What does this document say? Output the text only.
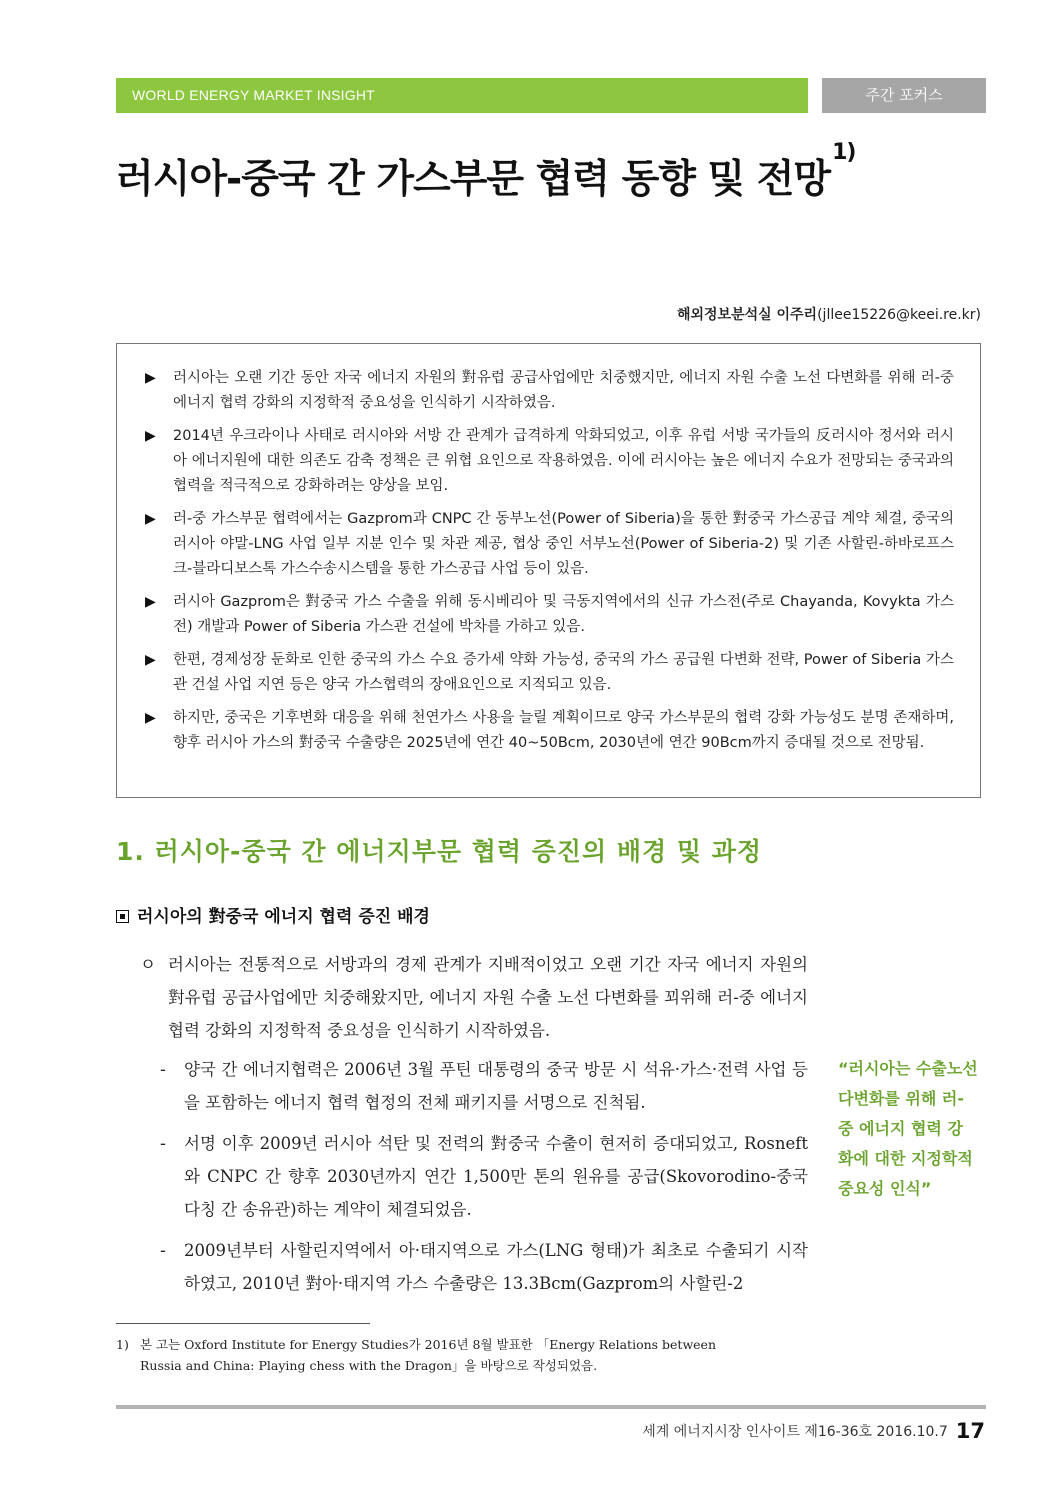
WORLD ENERGY MARKET INSIGHT	주간 포커스
러시아-중국 간 가스부문 협력 동향 및 전망$^{1)}$
해외정보분석실 이주리(jllee15226@keei.re.kr)
▶ 러시아는 오랜 기간 동안 자국 에너지 자원의 對유럽 공급사업에만 치중했지만, 에너지 자원 수출 노선 다변화를 위해 러-중 에너지 협력 강화의 지정학적 중요성을 인식하기 시작하였음.
▶ 2014년 우크라이나 사태로 러시아와 서방 간 관계가 급격하게 악화되었고, 이후 유럽 서방 국가들의 反러시아 정서와 러시아 에너지원에 대한 의존도 감축 정책은 큰 위협 요인으로 작용하였음. 이에 러시아는 높은 에너지 수요가 전망되는 중국과의 협력을 적극적으로 강화하려는 양상을 보임.
▶ 러-중 가스부문 협력에서는 Gazprom과 CNPC 간 동부노선(Power of Siberia)을 통한 對중국 가스공급 계약 체결, 중국의 러시아 야말-LNG 사업 일부 지분 인수 및 차관 제공, 협상 중인 서부노선(Power of Siberia-2) 및 기존 사할린-하바로프스크-블라디보스톡 가스수송시스템을 통한 가스공급 사업 등이 있음.
▶ 러시아 Gazprom은 對중국 가스 수출을 위해 동시베리아 및 극동지역에서의 신규 가스전(주로 Chayanda, Kovykta 가스전) 개발과 Power of Siberia 가스관 건설에 박차를 가하고 있음.
▶ 한편, 경제성장 둔화로 인한 중국의 가스 수요 증가세 약화 가능성, 중국의 가스 공급원 다변화 전략, Power of Siberia 가스관 건설 사업 지연 등은 양국 가스협력의 장애요인으로 지적되고 있음.
▶ 하지만, 중국은 기후변화 대응을 위해 천연가스 사용을 늘릴 계획이므로 양국 가스부문의 협력 강화 가능성도 분명 존재하며, 향후 러시아 가스의 對중국 수출량은 2025년에 연간 40~50Bcm, 2030년에 연간 90Bcm까지 증대될 것으로 전망됨.
1. 러시아-중국 간 에너지부문 협력 증진의 배경 및 과정
러시아의 對중국 에너지 협력 증진 배경

ㅇ 러시아는 전통적으로 서방과의 경제 관계가 지배적이었고 오랜 기간 자국 에너지 자원의 對유럽 공급사업에만 치중해왔지만, 에너지 자원 수출 노선 다변화를 꾀위해 러-중 에너지 협력 강화의 지정학적 중요성을 인식하기 시작하였음.

- 양국 간 에너지협력은 2006년 3월 푸틴 대통령의 중국 방문 시 석유·가스·전력 사업 등을 포함하는 에너지 협력 협정의 전체 패키지를 서명으로 진척됨.
- 서명 이후 2009년 러시아 석탄 및 전력의 對중국 수출이 현저히 증대되었고, Rosneft와 CNPC 간 향후 2030년까지 연간 1,500만 톤의 원유를 공급(Skovorodino-중국 다칭 간 송유관)하는 계약이 체결되었음.
- 2009년부터 사할린지역에서 아·태지역으로 가스(LNG 형태)가 최초로 수출되기 시작하였고, 2010년 對아·태지역 가스 수출량은 13.3Bcm(Gazprom의 사할린-2

“러시아는 수출노선다변화를 위해 러-중 에너지 협력 강화에 대한 지정학적 중요성 인식”

1) 본 고는 Oxford Institute for Energy Studies가 2016년 8월 발표한 「Energy Relations between
Russia and China: Playing chess with the Dragon」을 바탕으로 작성되었음.
세계 에너지시장 인사이트 제16-36호 2016.10.7 17
